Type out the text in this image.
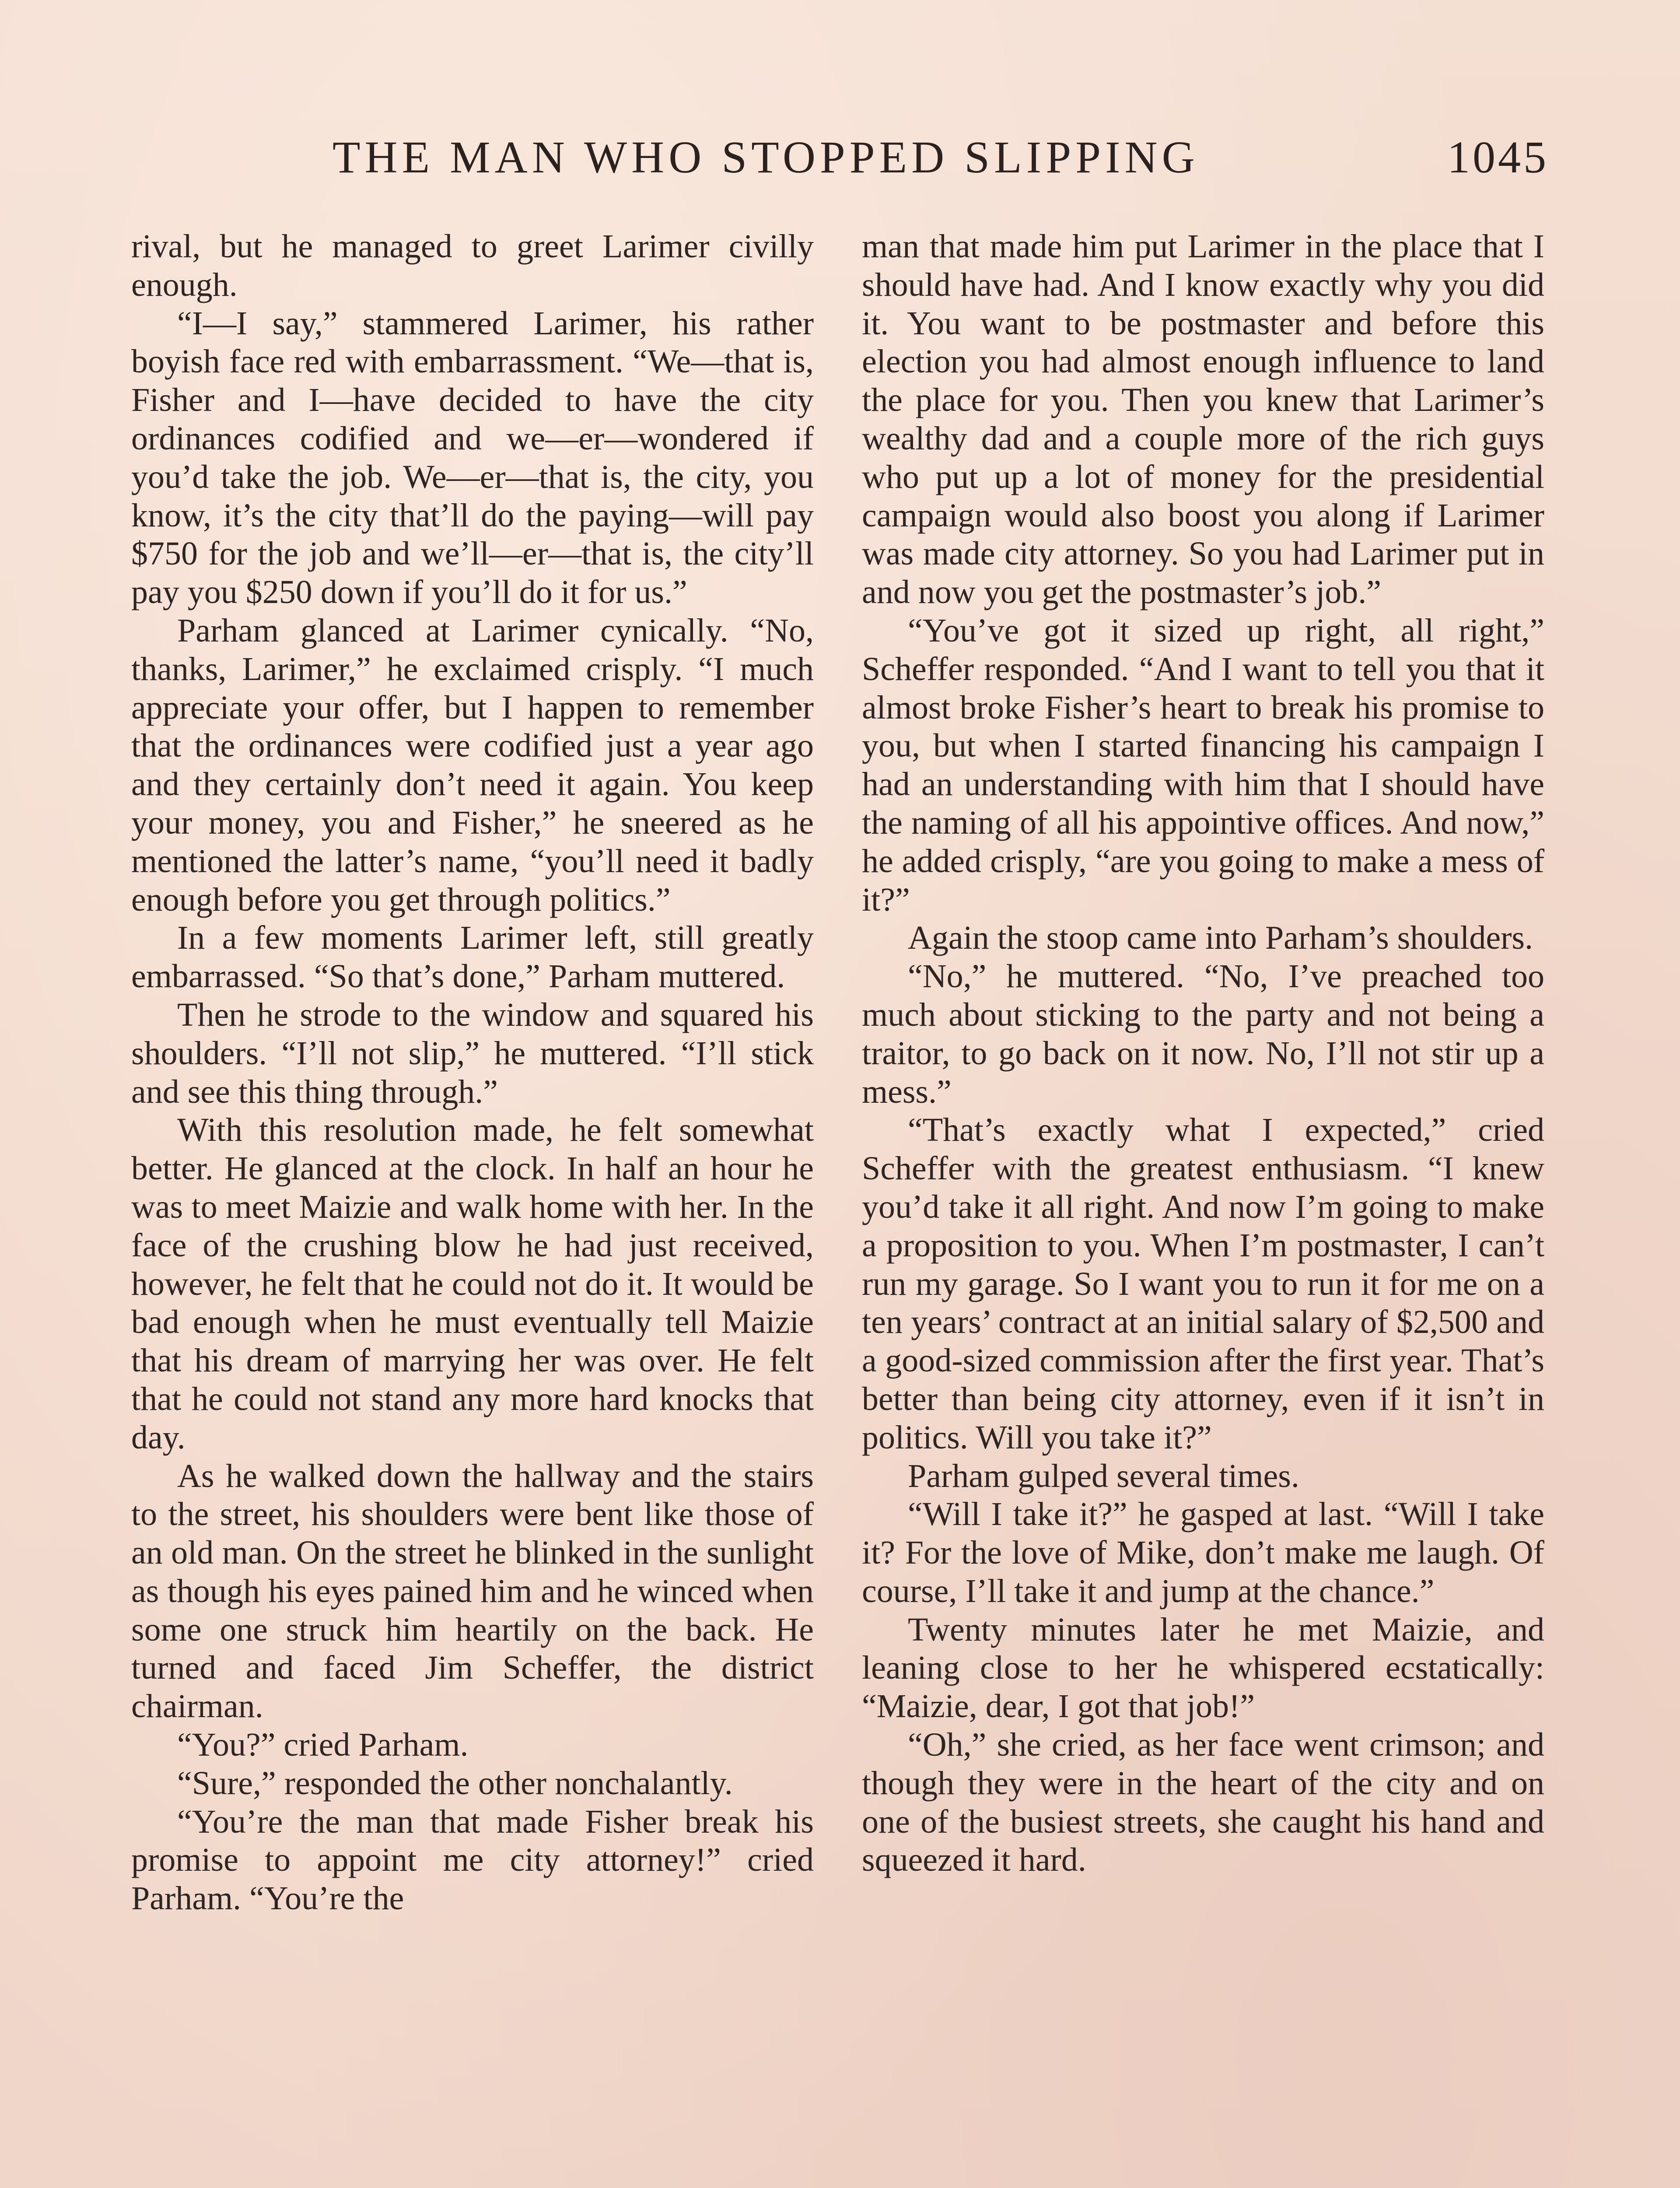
THE MAN WHO STOPPED SLIPPING	1045

rival, but he managed to greet Larimer civilly enough.

“I—I say,” stammered Larimer, his rather boyish face red with embarrassment. “We—that is, Fisher and I—have decided to have the city ordinances codified and we—er—wondered if you’d take the job. We—er—that is, the city, you know, it’s the city that’ll do the paying—will pay $750 for the job and we’ll—er—that is, the city’ll pay you $250 down if you’ll do it for us.”

Parham glanced at Larimer cynically. “No, thanks, Larimer,” he exclaimed crisply. “I much appreciate your offer, but I happen to remember that the ordinances were codified just a year ago and they certainly don’t need it again. You keep your money, you and Fisher,” he sneered as he mentioned the latter’s name, “you’ll need it badly enough before you get through politics.”

In a few moments Larimer left, still greatly embarrassed. “So that’s done,” Parham muttered.

Then he strode to the window and squared his shoulders. “I’ll not slip,” he muttered. “I’ll stick and see this thing through.”

With this resolution made, he felt somewhat better. He glanced at the clock. In half an hour he was to meet Maizie and walk home with her. In the face of the crushing blow he had just received, however, he felt that he could not do it. It would be bad enough when he must eventually tell Maizie that his dream of marrying her was over. He felt that he could not stand any more hard knocks that day.

As he walked down the hallway and the stairs to the street, his shoulders were bent like those of an old man. On the street he blinked in the sunlight as though his eyes pained him and he winced when some one struck him heartily on the back. He turned and faced Jim Scheffer, the district chairman.

“You?” cried Parham.

“Sure,” responded the other nonchalantly.

“You’re the man that made Fisher break his promise to appoint me city attorney!” cried Parham. “You’re the

man that made him put Larimer in the place that I should have had. And I know exactly why you did it. You want to be postmaster and before this election you had almost enough influence to land the place for you. Then you knew that Larimer’s wealthy dad and a couple more of the rich guys who put up a lot of money for the presidential campaign would also boost you along if Larimer was made city attorney. So you had Larimer put in and now you get the postmaster’s job.”

“You’ve got it sized up right, all right,” Scheffer responded. “And I want to tell you that it almost broke Fisher’s heart to break his promise to you, but when I started financing his campaign I had an understanding with him that I should have the naming of all his appointive offices. And now,” he added crisply, “are you going to make a mess of it?”

Again the stoop came into Parham’s shoulders.

“No,” he muttered. “No, I’ve preached too much about sticking to the party and not being a traitor, to go back on it now. No, I’ll not stir up a mess.”

“That’s exactly what I expected,” cried Scheffer with the greatest enthusiasm. “I knew you’d take it all right. And now I’m going to make a proposition to you. When I’m postmaster, I can’t run my garage. So I want you to run it for me on a ten years’ contract at an initial salary of $2,500 and a good-sized commission after the first year. That’s better than being city attorney, even if it isn’t in politics. Will you take it?”

Parham gulped several times.

“Will I take it?” he gasped at last. “Will I take it? For the love of Mike, don’t make me laugh. Of course, I’ll take it and jump at the chance.”

Twenty minutes later he met Maizie, and leaning close to her he whispered ecstatically: “Maizie, dear, I got that job!”

“Oh,” she cried, as her face went crimson; and though they were in the heart of the city and on one of the busiest streets, she caught his hand and squeezed it hard.
